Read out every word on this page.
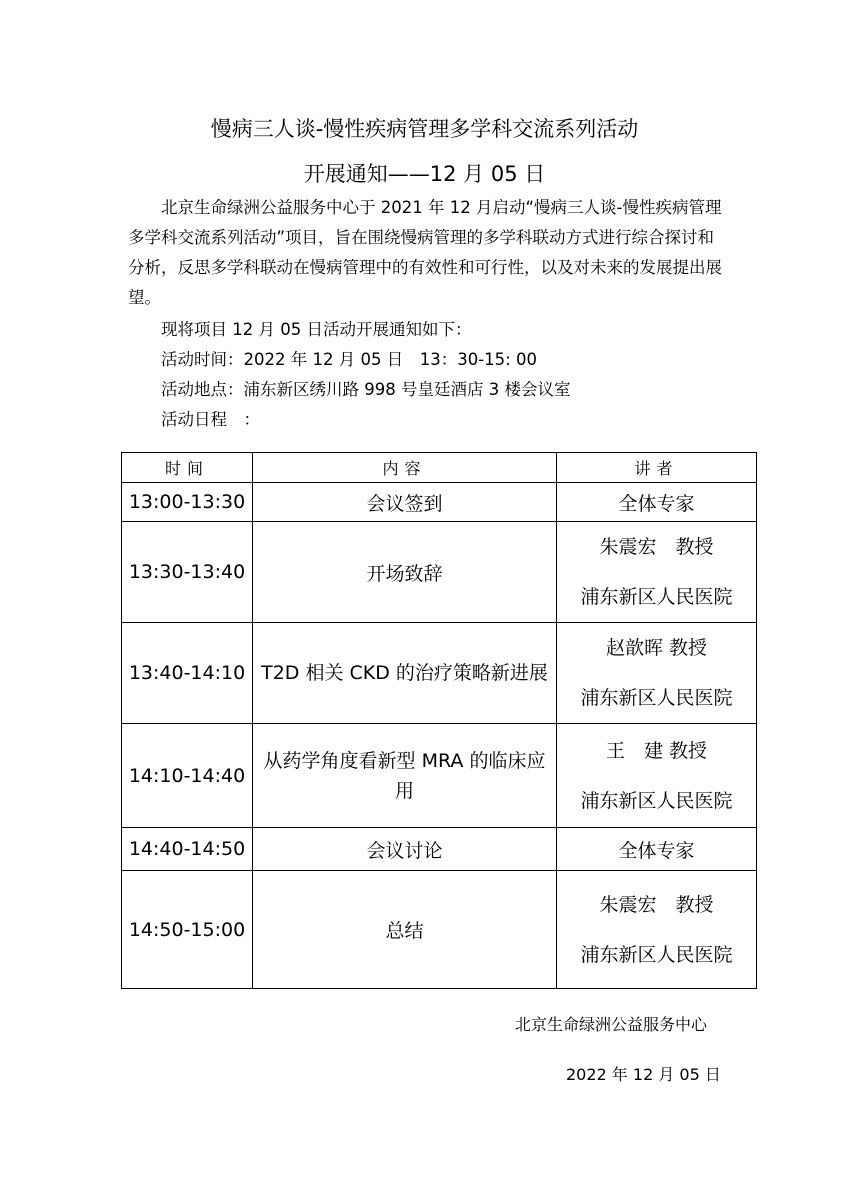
慢病三人谈-慢性疾病管理多学科交流系列活动
开展通知——12 月 05 日

北京生命绿洲公益服务中心于 2021 年 12 月启动“慢病三人谈-慢性疾病管理多学科交流系列活动”项目，旨在围绕慢病管理的多学科联动方式进行综合探讨和分析，反思多学科联动在慢病管理中的有效性和可行性，以及对未来的发展提出展望。

现将项目 12 月 05 日活动开展通知如下：
活动时间：2022 年 12 月 05 日　13：30-15: 00
活动地点：浦东新区绣川路 998 号皇廷酒店 3 楼会议室
活动日程　：
时间	内容	讲者
13:00-13:30	会议签到	全体专家
13:30-13:40	开场致辞	朱震宏　教授
浦东新区人民医院

13:40-14:10	T2D 相关 CKD 的治疗策略新进展	赵歆晖 教授
浦东新区人民医院

14:10-14:40	从药学角度看新型 MRA 的临床应用	王　建 教授
浦东新区人民医院

14:40-14:50	会议讨论	全体专家
14:50-15:00	总结	朱震宏　教授
浦东新区人民医院
北京生命绿洲公益服务中心
2022 年 12 月 05 日
